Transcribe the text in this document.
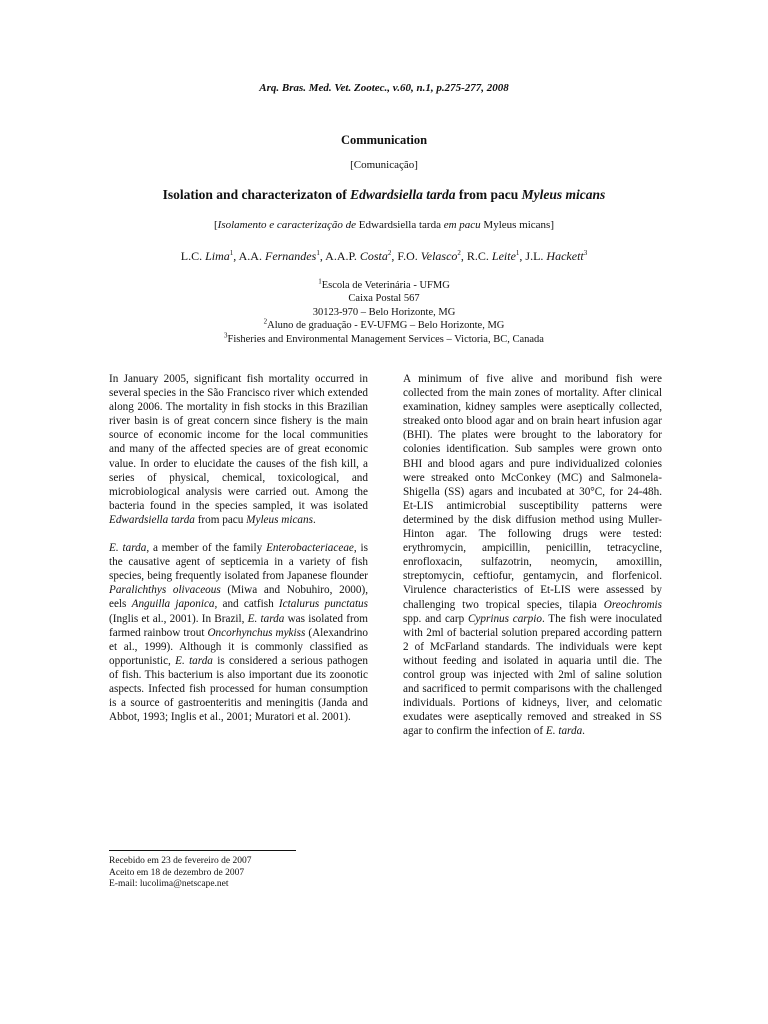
Arq. Bras. Med. Vet. Zootec., v.60, n.1, p.275-277, 2008
Communication
[Comunicação]
Isolation and characterizaton of Edwardsiella tarda from pacu Myleus micans
[Isolamento e caracterização de Edwardsiella tarda em pacu Myleus micans]
L.C. Lima$^1$, A.A. Fernandes$^1$, A.A.P. Costa$^2$, F.O. Velasco$^2$, R.C. Leite$^1$, J.L. Hackett$^3$
$^1$Escola de Veterinária - UFMG
Caixa Postal 567
30123-970 – Belo Horizonte, MG
$^2$Aluno de graduação - EV-UFMG – Belo Horizonte, MG
$^3$Fisheries and Environmental Management Services – Victoria, BC, Canada

In January 2005, significant fish mortality occurred in several species in the São Francisco river which extended along 2006. The mortality in fish stocks in this Brazilian river basin is of great concern since fishery is the main source of economic income for the local communities and many of the affected species are of great economic value. In order to elucidate the causes of the fish kill, a series of physical, chemical, toxicological, and microbiological analysis were carried out. Among the bacteria found in the species sampled, it was isolated Edwardsiella tarda from pacu Myleus micans.

E. tarda, a member of the family Enterobacteriaceae, is the causative agent of septicemia in a variety of fish species, being frequently isolated from Japanese flounder Paralichthys olivaceous (Miwa and Nobuhiro, 2000), eels Anguilla japonica, and catfish Ictalurus punctatus (Inglis et al., 2001). In Brazil, E. tarda was isolated from farmed rainbow trout Oncorhynchus mykiss (Alexandrino et al., 1999). Although it is commonly classified as opportunistic, E. tarda is considered a serious pathogen of fish. This bacterium is also important due its zoonotic aspects. Infected fish processed for human consumption is a source of gastroenteritis and meningitis (Janda and Abbot, 1993; Inglis et al., 2001; Muratori et al. 2001).

A minimum of five alive and moribund fish were collected from the main zones of mortality. After clinical examination, kidney samples were aseptically collected, streaked onto blood agar and on brain heart infusion agar (BHI). The plates were brought to the laboratory for colonies identification. Sub samples were grown onto BHI and blood agars and pure individualized colonies were streaked onto McConkey (MC) and Salmonela-Shigella (SS) agars and incubated at 30°C, for 24-48h. Et-LIS antimicrobial susceptibility patterns were determined by the disk diffusion method using Muller-Hinton agar. The following drugs were tested: erythromycin, ampicillin, penicillin, tetracycline, enrofloxacin, sulfazotrin, neomycin, amoxillin, streptomycin, ceftiofur, gentamycin, and florfenicol. Virulence characteristics of Et-LIS were assessed by challenging two tropical species, tilapia Oreochromis spp. and carp Cyprinus carpio. The fish were inoculated with 2ml of bacterial solution prepared according pattern 2 of McFarland standards. The individuals were kept without feeding and isolated in aquaria until die. The control group was injected with 2ml of saline solution and sacrificed to permit comparisons with the challenged individuals. Portions of kidneys, liver, and celomatic exudates were aseptically removed and streaked in SS agar to confirm the infection of E. tarda.

Recebido em 23 de fevereiro de 2007
Aceito em 18 de dezembro de 2007
E-mail: lucolima@netscape.net
